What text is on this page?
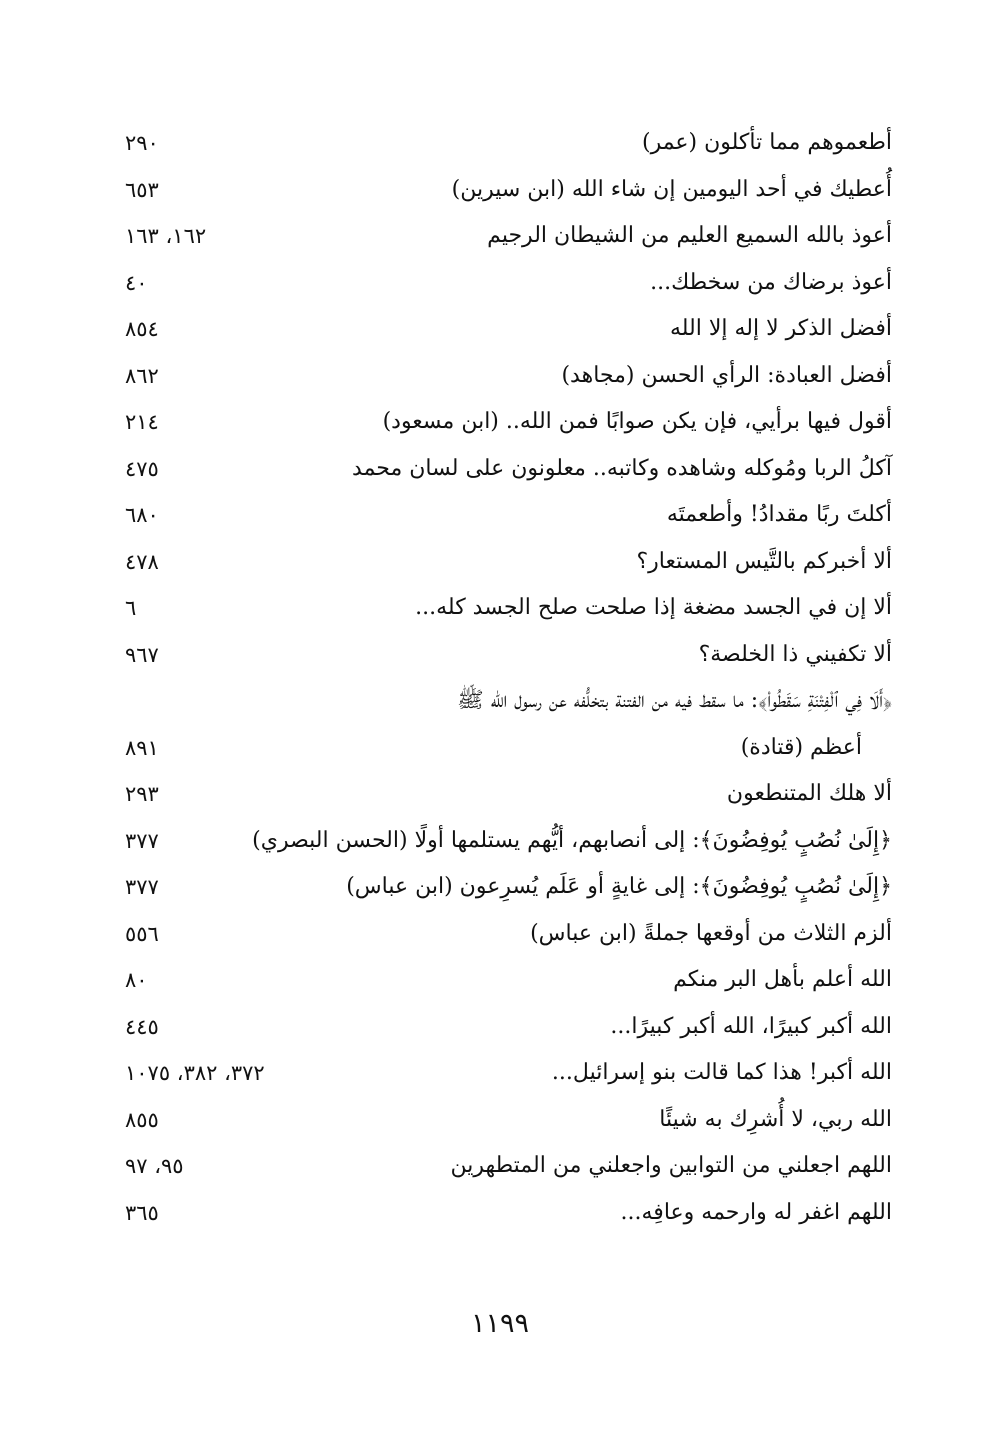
أطعموهم مما تأكلون (عمر)
٢٩٠
أُعطيك في أحد اليومين إن شاء الله (ابن سيرين)
٦٥٣
أعوذ بالله السميع العليم من الشيطان الرجيم
١٦٢، ١٦٣
أعوذ برضاك من سخطك...
٤٠
أفضل الذكر لا إله إلا الله
٨٥٤
أفضل العبادة: الرأي الحسن (مجاهد)
٨٦٢
أقول فيها برأيي، فإن يكن صوابًا فمن الله.. (ابن مسعود)
٢١٤
آكلُ الربا ومُوكله وشاهده وكاتبه.. معلونون على لسان محمد
٤٧٥
أكلتَ ربًا مقدادُ! وأطعمتَه
٦٨٠
ألا أخبركم بالتَّيس المستعار؟
٤٧٨
ألا إن في الجسد مضغة إذا صلحت صلح الجسد كله...
٦
ألا تكفيني ذا الخلصة؟
٩٦٧
﴿أَلَا فِي ٱلْفِتْنَةِ سَقَطُوا۟﴾: ما سقط فيه من الفتنة بتخلُّفه عن رسول الله ﷺ
أعظم (قتادة)
٨٩١
ألا هلك المتنطعون
٢٩٣
﴿إِلَىٰ نُصُبٍ يُوفِضُونَ﴾: إلى أنصابهم، أيُّهم يستلمها أولًا (الحسن البصري)
٣٧٧
﴿إِلَىٰ نُصُبٍ يُوفِضُونَ﴾: إلى غايةٍ أو عَلَم يُسرِعون (ابن عباس)
٣٧٧
ألزم الثلاث من أوقعها جملةً (ابن عباس)
٥٥٦
الله أعلم بأهل البر منكم
٨٠
الله أكبر كبيرًا، الله أكبر كبيرًا...
٤٤٥
الله أكبر! هذا كما قالت بنو إسرائيل...
٣٧٢، ٣٨٢، ١٠٧٥
الله ربي، لا أُشرِك به شيئًا
٨٥٥
اللهم اجعلني من التوابين واجعلني من المتطهرين
٩٥، ٩٧
اللهم اغفر له وارحمه وعافِه...
٣٦٥
١١٩٩
